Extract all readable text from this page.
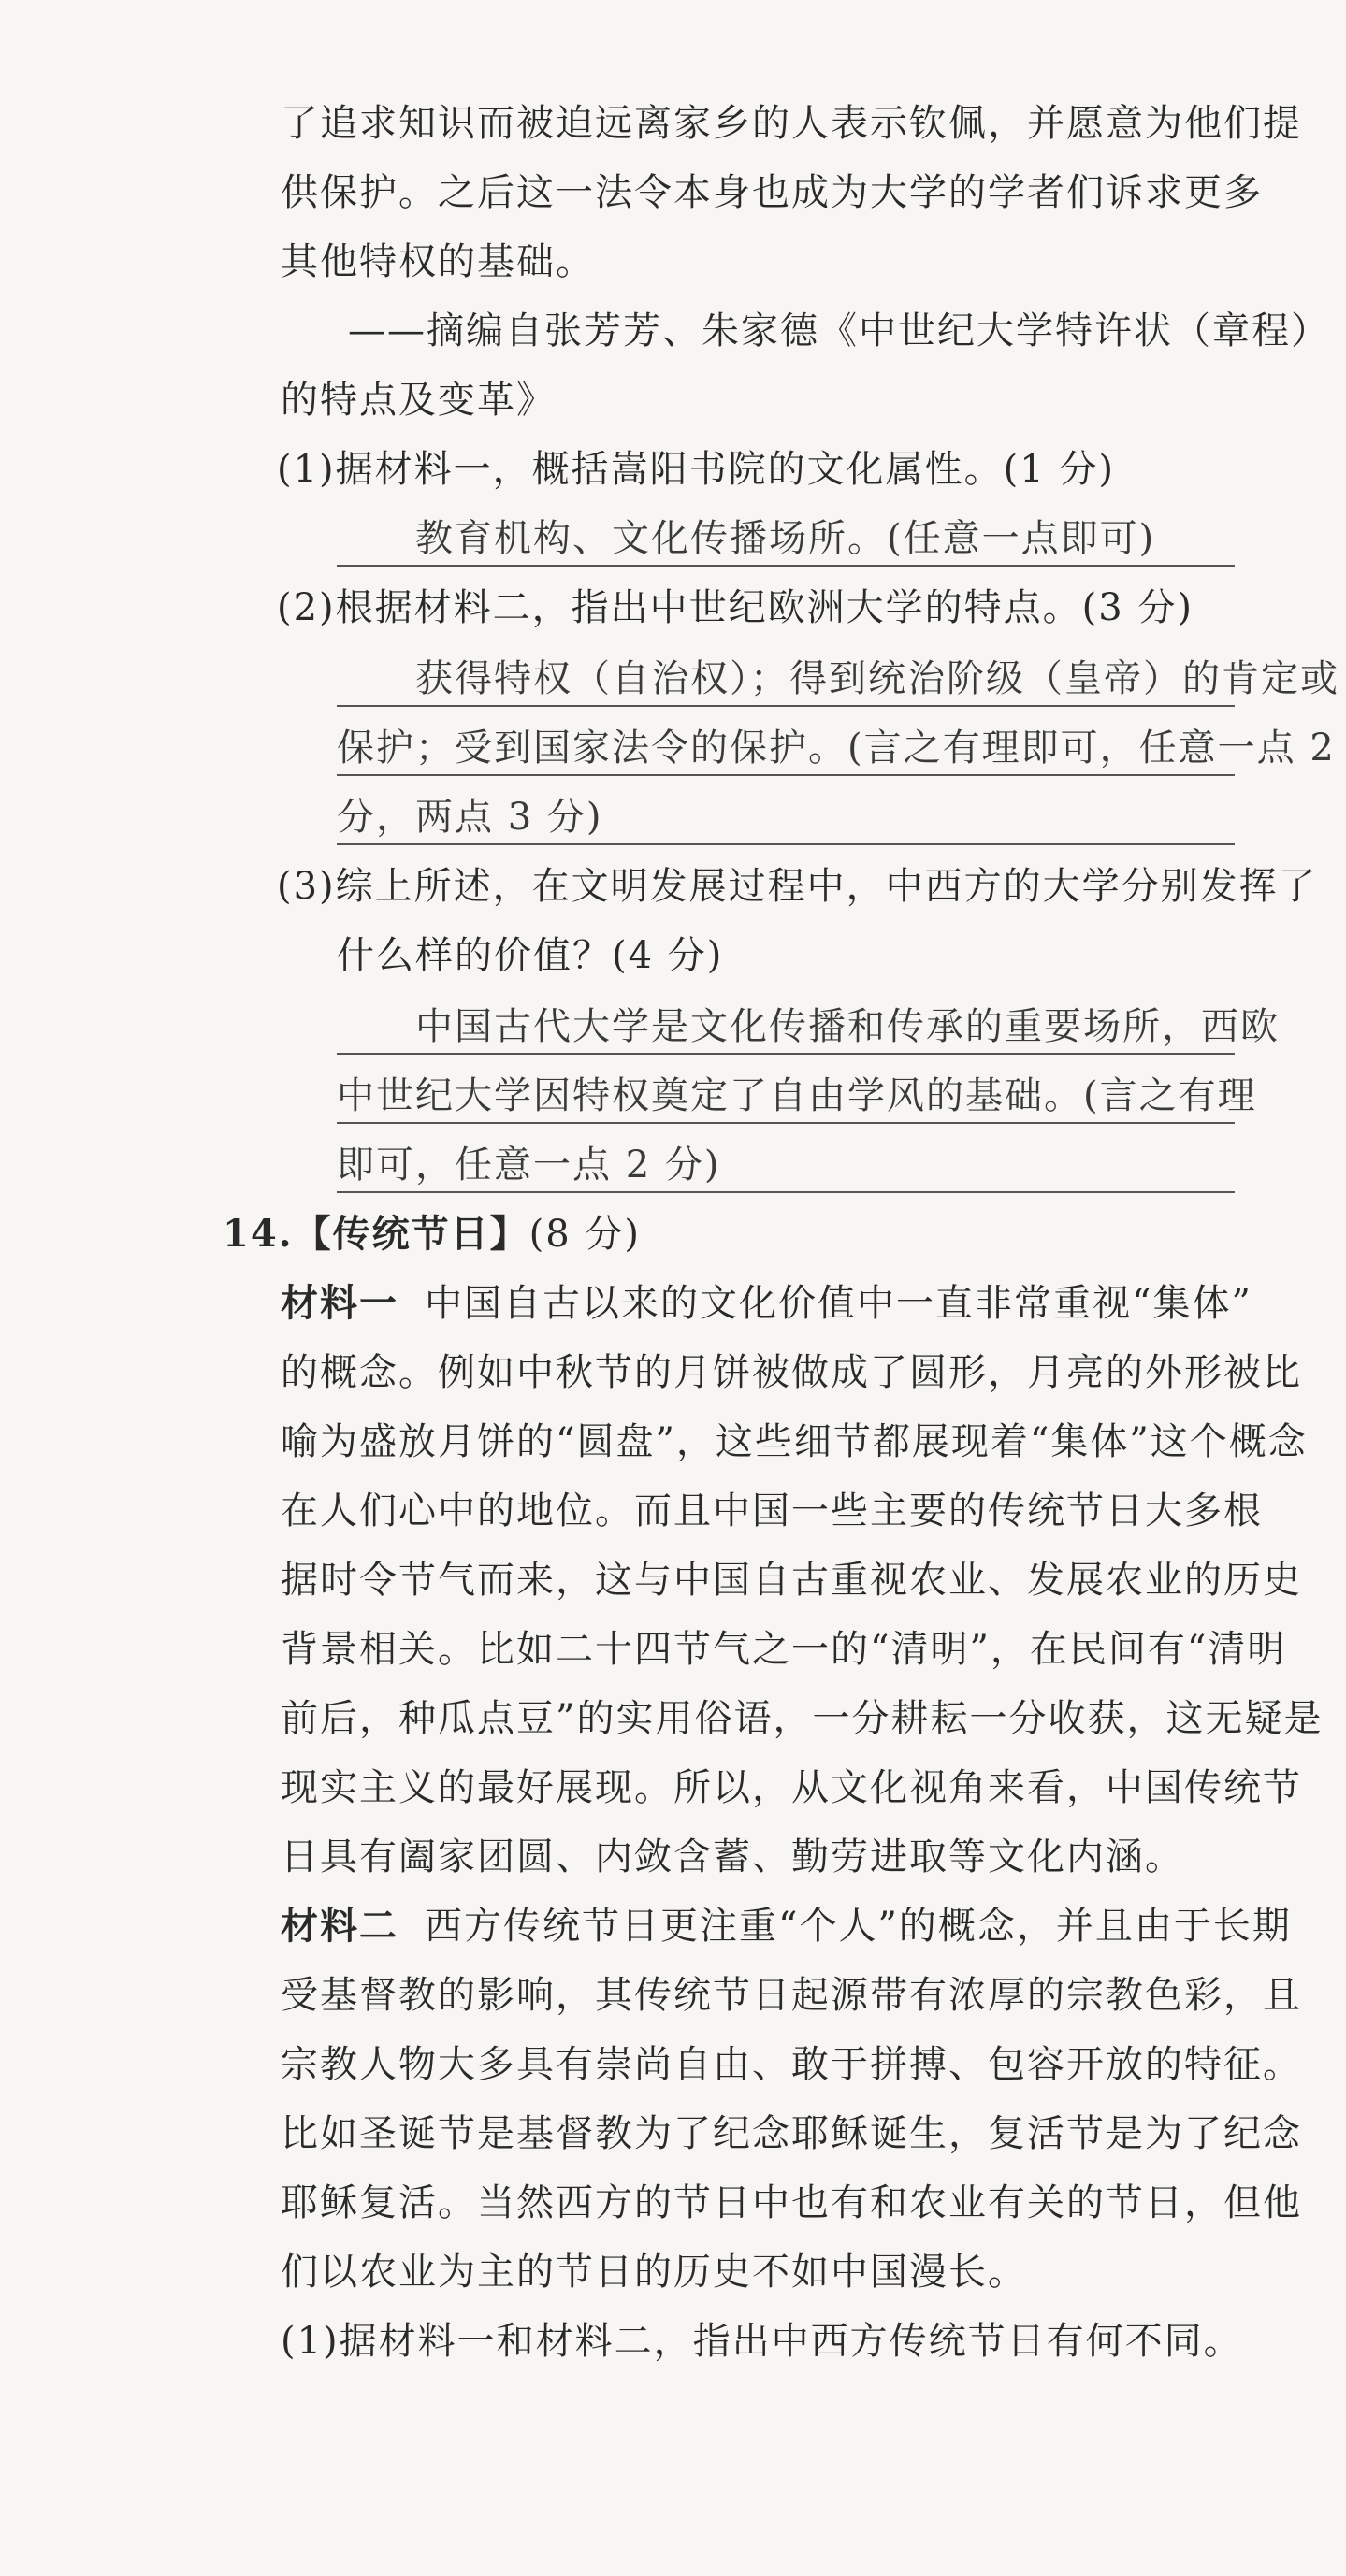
了追求知识而被迫远离家乡的人表示钦佩，并愿意为他们提
供保护。之后这一法令本身也成为大学的学者们诉求更多
其他特权的基础。
——摘编自张芳芳、朱家德《中世纪大学特许状（章程）
的特点及变革》
(1)据材料一，概括嵩阳书院的文化属性。(1 分)
教育机构、文化传播场所。(任意一点即可)
(2)根据材料二，指出中世纪欧洲大学的特点。(3 分)
获得特权（自治权）；得到统治阶级（皇帝）的肯定或
保护；受到国家法令的保护。(言之有理即可，任意一点 2
分，两点 3 分)
(3)综上所述，在文明发展过程中，中西方的大学分别发挥了
什么样的价值？(4 分)
中国古代大学是文化传播和传承的重要场所，西欧
中世纪大学因特权奠定了自由学风的基础。(言之有理
即可，任意一点 2 分)
14.【传统节日】(8 分)
材料一 中国自古以来的文化价值中一直非常重视“集体”
的概念。例如中秋节的月饼被做成了圆形，月亮的外形被比
喻为盛放月饼的“圆盘”，这些细节都展现着“集体”这个概念
在人们心中的地位。而且中国一些主要的传统节日大多根
据时令节气而来，这与中国自古重视农业、发展农业的历史
背景相关。比如二十四节气之一的“清明”，在民间有“清明
前后，种瓜点豆”的实用俗语，一分耕耘一分收获，这无疑是
现实主义的最好展现。所以，从文化视角来看，中国传统节
日具有阖家团圆、内敛含蓄、勤劳进取等文化内涵。
材料二 西方传统节日更注重“个人”的概念，并且由于长期
受基督教的影响，其传统节日起源带有浓厚的宗教色彩，且
宗教人物大多具有崇尚自由、敢于拼搏、包容开放的特征。
比如圣诞节是基督教为了纪念耶稣诞生，复活节是为了纪念
耶稣复活。当然西方的节日中也有和农业有关的节日，但他
们以农业为主的节日的历史不如中国漫长。
(1)据材料一和材料二，指出中西方传统节日有何不同。
